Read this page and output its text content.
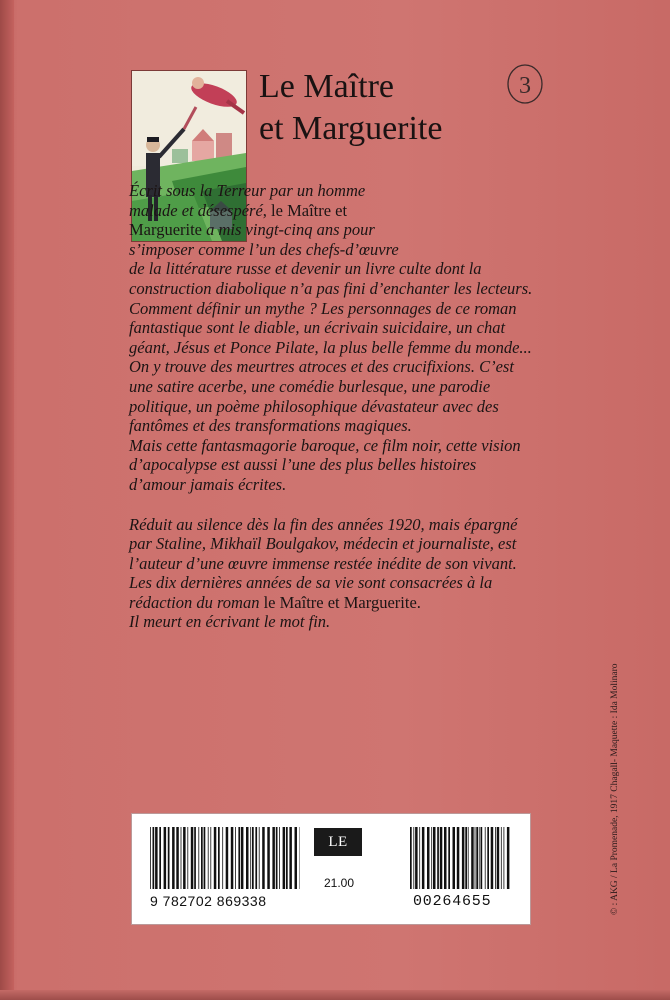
Le Maître
et Marguerite
3
Écrit sous la Terreur par un homme
malade et désespéré, le Maître et
Marguerite a mis vingt-cinq ans pour
s’imposer comme l’un des chefs-d’œuvre
de la littérature russe et devenir un livre culte dont la
construction diabolique n’a pas fini d’enchanter les lecteurs.
Comment définir un mythe ? Les personnages de ce roman
fantastique sont le diable, un écrivain suicidaire, un chat
géant, Jésus et Ponce Pilate, la plus belle femme du monde...
On y trouve des meurtres atroces et des crucifixions. C’est
une satire acerbe, une comédie burlesque, une parodie
politique, un poème philosophique dévastateur avec des
fantômes et des transformations magiques.
Mais cette fantasmagorie baroque, ce film noir, cette vision
d’apocalypse est aussi l’une des plus belles histoires
d’amour jamais écrites.
Réduit au silence dès la fin des années 1920, mais épargné
par Staline, Mikhaïl Boulgakov, médecin et journaliste, est
l’auteur d’une œuvre immense restée inédite de son vivant.
Les dix dernières années de sa vie sont consacrées à la
rédaction du roman le Maître et Marguerite.
Il meurt en écrivant le mot fin.
© : AKG / La Promenade, 1917 Chagall- Maquette : Ida Molinaro
9 782702 869338
LE CLUB
21.00
00264655
